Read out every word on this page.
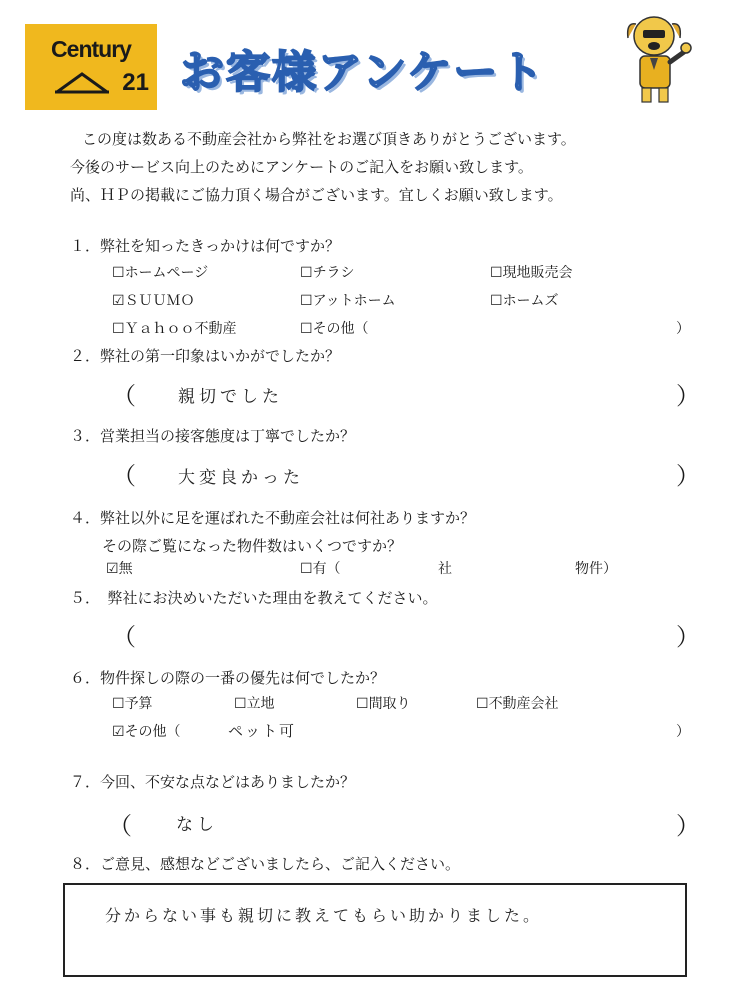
Century
21 お客様アンケート
この度は数ある不動産会社から弊社をお選び頂きありがとうございます。
今後のサービス向上のためにアンケートのご記入をお願い致します。
尚、ＨＰの掲載にご協力頂く場合がございます。宜しくお願い致します。
１．弊社を知ったきっかけは何ですか？
☐ホームページ	☐チラシ	☐現地販売会
☑ＳＵＵＭＯ	☐アットホーム	☐ホームズ
☐Ｙａｈｏｏ不動産	☐その他（	）
２．弊社の第一印象はいかがでしたか？
（ 親切でした	）
３．営業担当の接客態度は丁寧でしたか？
（ 大変良かった	）
４．弊社以外に足を運ばれた不動産会社は何社ありますか？
その際ご覧になった物件数はいくつですか？
☑無	☐有（	社	物件）
５．　弊社にお決めいただいた理由を教えてください。
（	）
６．物件探しの際の一番の優先は何でしたか？
☐予算	☐立地	☐間取り	☐不動産会社
☑その他（	ペット可	）
７．今回、不安な点などはありましたか？
（	なし	）
８．ご意見、感想などございましたら、ご記入ください。
分からない事も親切に教えてもらい助かりました。
